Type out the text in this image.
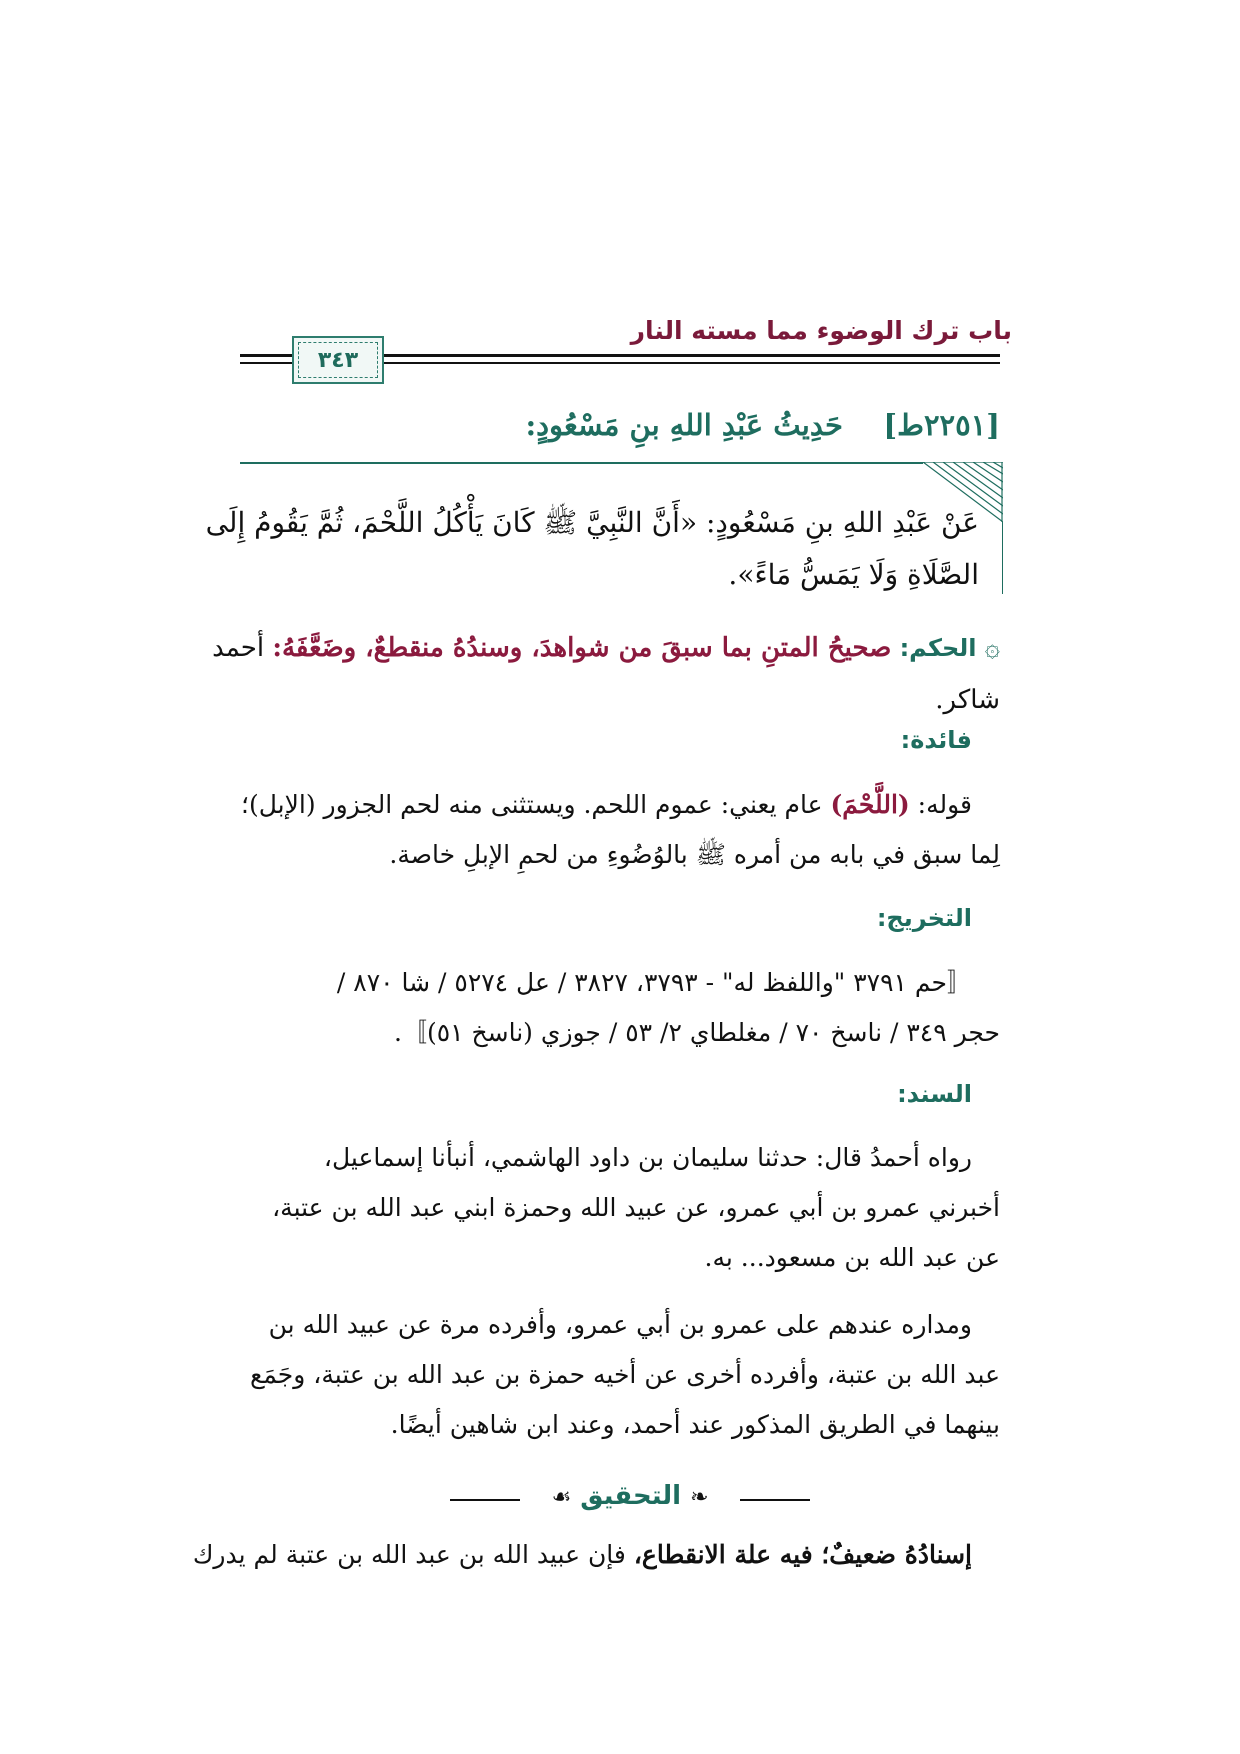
باب ترك الوضوء مما مسته النار
٣٤٣
[٢٢٥١ط]    حَدِيثُ عَبْدِ اللهِ بنِ مَسْعُودٍ:
عَنْ عَبْدِ اللهِ بنِ مَسْعُودٍ: «أَنَّ النَّبِيَّ ﷺ كَانَ يَأْكُلُ اللَّحْمَ، ثُمَّ يَقُومُ إِلَى
الصَّلَاةِ وَلَا يَمَسُّ مَاءً».
۞ الحكم: صحيحُ المتنِ بما سبقَ من شواهدَ، وسندُهُ منقطعٌ، وضَعَّفَهُ: أحمد
شاكر.
فائدة:
قوله: (اللَّحْمَ) عام يعني: عموم اللحم. ويستثنى منه لحم الجزور (الإبل)؛
لِما سبق في بابه من أمره ﷺ بالوُضُوءِ من لحمِ الإبلِ خاصة.
التخريج:
〚حم ٣٧٩١ "واللفظ له" - ٣٧٩٣، ٣٨٢٧ / عل ٥٢٧٤ / شا ٨٧٠ /
حجر ٣٤٩ / ناسخ ٧٠ / مغلطاي ٢/ ٥٣ / جوزي (ناسخ ٥١)〛.
السند:
رواه أحمدُ قال: حدثنا سليمان بن داود الهاشمي، أنبأنا إسماعيل،
أخبرني عمرو بن أبي عمرو، عن عبيد الله وحمزة ابني عبد الله بن عتبة،
عن عبد الله بن مسعود... به.
ومداره عندهم على عمرو بن أبي عمرو، وأفرده مرة عن عبيد الله بن
عبد الله بن عتبة، وأفرده أخرى عن أخيه حمزة بن عبد الله بن عتبة، وجَمَع
بينهما في الطريق المذكور عند أحمد، وعند ابن شاهين أيضًا.
❧ التحقيق ☙
إسنادُهُ ضعيفٌ؛ فيه علة الانقطاع، فإن عبيد الله بن عبد الله بن عتبة لم يدرك
